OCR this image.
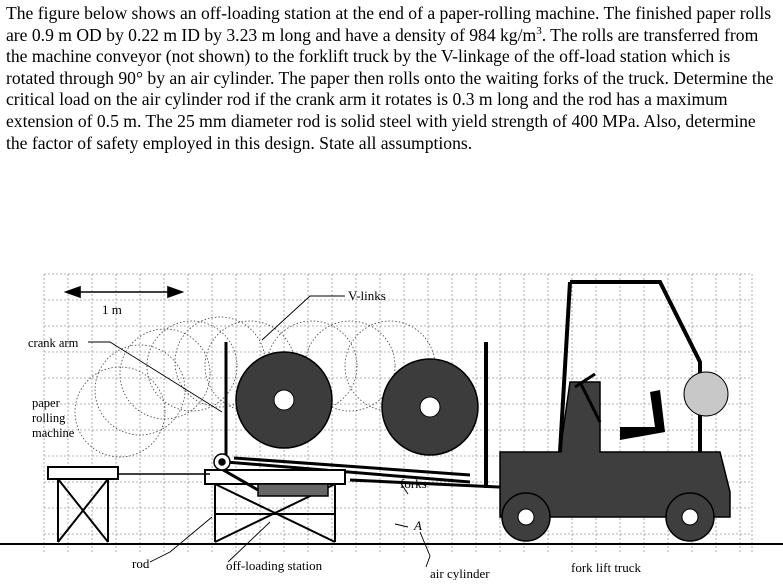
The figure below shows an off-loading station at the end of a paper-rolling machine. The finished paper rolls are 0.9 m OD by 0.22 m ID by 3.23 m long and have a density of 984 $kg/m^3$. The rolls are transferred from the machine conveyor (not shown) to the forklift truck by the V-linkage of the off-load station which is rotated through 90° by an air cylinder. The paper then rolls onto the waiting forks of the truck. Determine the critical load on the air cylinder rod if the crank arm it rotates is 0.3 m long and the rod has a maximum extension of 0.5 m. The 25 mm diameter rod is solid steel with yield strength of 400 MPa. Also, determine the factor of safety employed in this design. State all assumptions.

1 m
V-links
crank arm
paper
rolling
machine
forks
A
rod	off-loading station
air cylinder	fork lift truck
